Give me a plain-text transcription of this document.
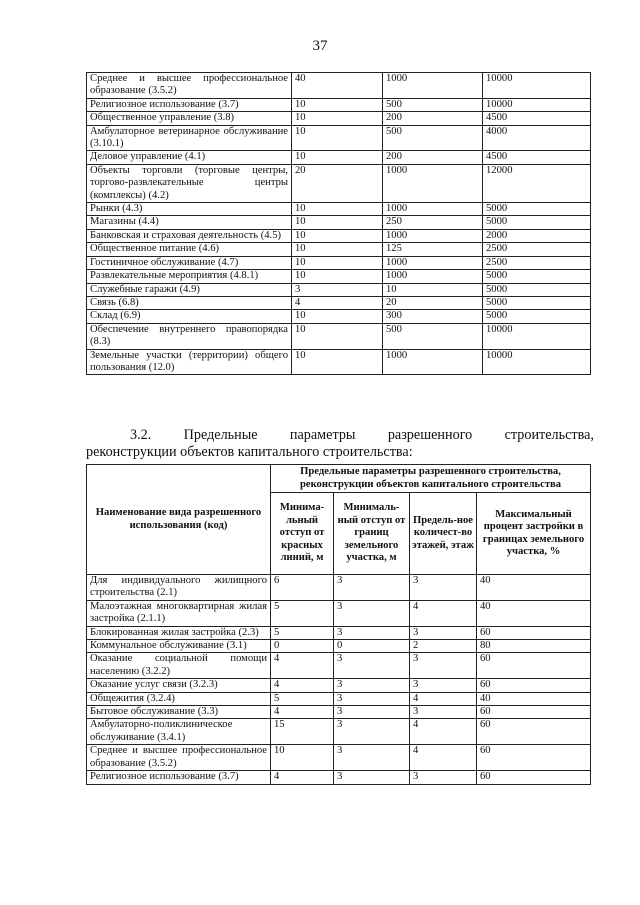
37
Среднее и высшее профессиональное образование (3.5.2)	40	1000	10000
Религиозное использование (3.7)	10	500	10000
Общественное управление (3.8)	10	200	4500
Амбулаторное ветеринарное обслуживание (3.10.1)	10	500	4000
Деловое управление (4.1)	10	200	4500
Объекты торговли (торговые центры, торгово-развлекательные центры (комплексы) (4.2)	20	1000	12000
Рынки (4.3)	10	1000	5000
Магазины (4.4)	10	250	5000
Банковская и страховая деятельность (4.5)	10	1000	2000
Общественное питание (4.6)	10	125	2500
Гостиничное обслуживание (4.7)	10	1000	2500
Развлекательные мероприятия (4.8.1)	10	1000	5000
Служебные гаражи (4.9)	3	10	5000
Связь (6.8)	4	20	5000
Склад (6.9)	10	300	5000
Обеспечение внутреннего правопорядка (8.3)	10	500	10000
Земельные участки (территории) общего пользования (12.0)	10	1000	10000
3.2. Предельные параметры разрешенного строительства,
реконструкции объектов капитального строительства:
Наименование вида разрешенного использования (код)	Предельные параметры разрешенного строительства, реконструкции объектов капитального строительства			
	Минима-льный отступ от красных линий, м	Минималь-ный отступ от границ земельного участка, м	Предель-ное количест-во этажей, этаж	Максимальный процент застройки в границах земельного участка, %
Для индивидуального жилищного строительства (2.1)	6	3	3	40
Малоэтажная многоквартирная жилая застройка (2.1.1)	5	3	4	40
Блокированная жилая застройка (2.3)	5	3	3	60
Коммунальное обслуживание (3.1)	0	0	2	80
Оказание социальной помощи населению (3.2.2)	4	3	3	60
Оказание услуг связи (3.2.3)	4	3	3	60
Общежития (3.2.4)	5	3	4	40
Бытовое обслуживание (3.3)	4	3	3	60
Амбулаторно-поликлиническое обслуживание (3.4.1)	15	3	4	60
Среднее и высшее профессиональное образование (3.5.2)	10	3	4	60
Религиозное использование (3.7)	4	3	3	60
